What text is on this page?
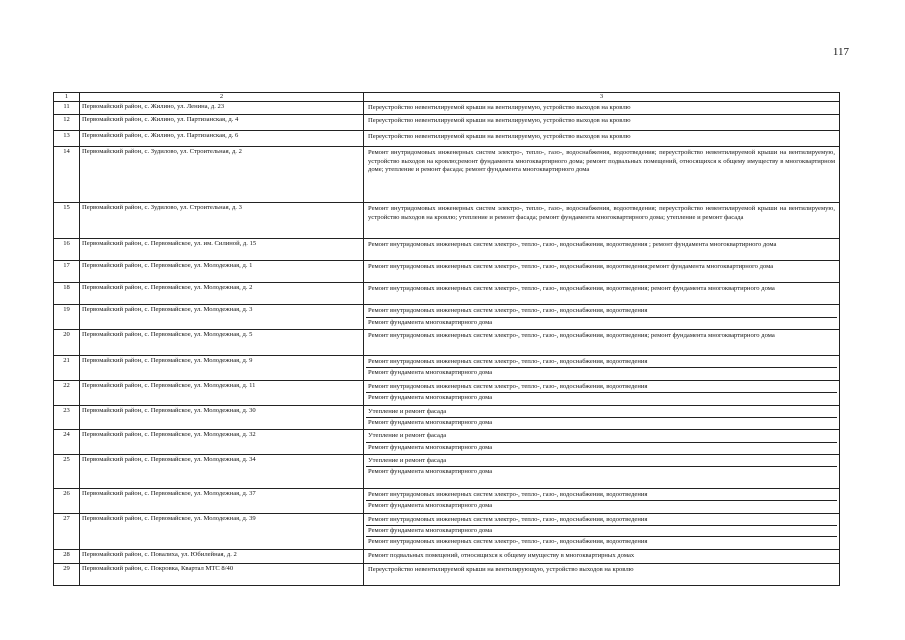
117
1	2	3
11	Первомайский район, с. Жилино, ул. Ленина, д. 23	Переустройство невентилируемой крыши на вентилируемую, устройство выходов на кровлю

12	Первомайский район, с. Жилино, ул. Партизанская, д. 4	Переустройство невентилируемой крыши на вентилируемую, устройство выходов на кровлю

13	Первомайский район, с. Жилино, ул. Партизанская, д. 6	Переустройство невентилируемой крыши на вентилируемую, устройство выходов на кровлю

14	Первомайский район, с. Зудилово, ул. Строительная, д. 2	Ремонт внутридомовых инженерных систем электро-, тепло-, газо-, водоснабжения, водоотведения; переустройство невентилируемой крыши на вентилируемую, устройство выходов на кровлю;ремонт фундамента многоквартирного дома; ремонт подвальных помещений, относящихся к общему имуществу в многоквартирном доме; утепление и ремонт фасада; ремонт фундамента многоквартирного дома

15	Первомайский район, с. Зудилово, ул. Строительная, д. 3	Ремонт внутридомовых инженерных систем электро-, тепло-, газо-, водоснабжения, водоотведения; переустройство невентилируемой крыши на вентилируемую, устройство выходов на кровлю; утепление и ремонт фасада; ремонт фундамента многоквартирного дома; утепление и ремонт фасада

16	Первомайский район, с. Первомайское, ул. им. Силиной, д. 15	Ремонт внутридомовых инженерных систем электро-, тепло-, газо-, водоснабжения, водоотведения ; ремонт фундамента многоквартирного дома

17	Первомайский район, с. Первомайское, ул. Молодежная, д. 1	Ремонт внутридомовых инженерных систем электро-, тепло-, газо-, водоснабжения, водоотведения;ремонт фундамента многоквартирного дома

18	Первомайский район, с. Первомайское, ул. Молодежная, д. 2	Ремонт внутридомовых инженерных систем электро-, тепло-, газо-, водоснабжения, водоотведения; ремонт фундамента многоквартирного дома

19	Первомайский район, с. Первомайское, ул. Молодежная, д. 3	Ремонт внутридомовых инженерных систем электро-, тепло-, газо-, водоснабжения, водоотведения
Ремонт фундамента многоквартирного дома

20	Первомайский район, с. Первомайское, ул. Молодежная, д. 5	Ремонт внутридомовых инженерных систем электро-, тепло-, газо-, водоснабжения, водоотведения; ремонт фундамента многоквартирного дома

21	Первомайский район, с. Первомайское, ул. Молодежная, д. 9	Ремонт внутридомовых инженерных систем электро-, тепло-, газо-, водоснабжения, водоотведения
Ремонт фундамента многоквартирного дома

22	Первомайский район, с. Первомайское, ул. Молодежная, д. 11	Ремонт внутридомовых инженерных систем электро-, тепло-, газо-, водоснабжения, водоотведения
Ремонт фундамента многоквартирного дома

23	Первомайский район, с. Первомайское, ул. Молодежная, д. 30	Утепление и ремонт фасада
Ремонт фундамента многоквартирного дома

24	Первомайский район, с. Первомайское, ул. Молодежная, д. 32	Утепление и ремонт фасада
Ремонт фундамента многоквартирного дома

25	Первомайский район, с. Первомайское, ул. Молодежная, д. 34	Утепление и ремонт фасада
Ремонт фундамента многоквартирного дома

26	Первомайский район, с. Первомайское, ул. Молодежная, д. 37	Ремонт внутридомовых инженерных систем электро-, тепло-, газо-, водоснабжения, водоотведения
Ремонт фундамента многоквартирного дома

27	Первомайский район, с. Первомайское, ул. Молодежная, д. 39	Ремонт внутридомовых инженерных систем электро-, тепло-, газо-, водоснабжения, водоотведения
Ремонт фундамента многоквартирного дома
Ремонт внутридомовых инженерных систем электро-, тепло-, газо-, водоснабжения, водоотведения

28	Первомайский район, с. Повалиха, ул. Юбилейная, д. 2	Ремонт подвальных помещений, относящихся к общему имуществу в многоквартирных домах

29	Первомайский район, с. Покровка, Квартал МТС 8/40	Переустройство невентилируемой крыши на вентилирующую, устройство выходов на кровлю
